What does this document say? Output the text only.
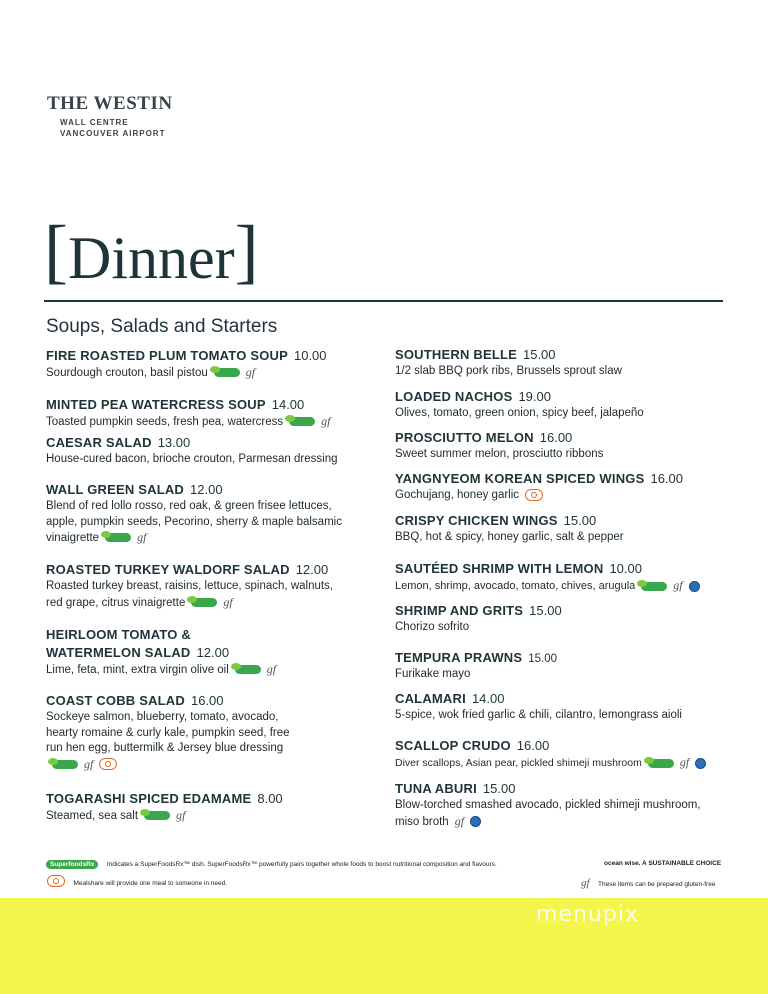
THE WESTIN
WALL CENTRE
VANCOUVER AIRPORT
[Dinner]
Soups, Salads and Starters
FIRE ROASTED PLUM TOMATO SOUP 10.00
Sourdough crouton, basil pistou	gf
MINTED PEA WATERCRESS SOUP 14.00
Toasted pumpkin seeds, fresh pea, watercress	gf
CAESAR SALAD 13.00
House-cured bacon, brioche crouton, Parmesan dressing
WALL GREEN SALAD 12.00
Blend of red lollo rosso, red oak, & green frisee lettuces, apple, pumpkin seeds, Pecorino, sherry & maple balsamic vinaigrette	gf
ROASTED TURKEY WALDORF SALAD 12.00
Roasted turkey breast, raisins, lettuce, spinach, walnuts, red grape, citrus vinaigrette	gf
HEIRLOOM TOMATO & WATERMELON SALAD 12.00
Lime, feta, mint, extra virgin olive oil	gf
COAST COBB SALAD 16.00
Sockeye salmon, blueberry, tomato, avocado, hearty romaine & curly kale, pumpkin seed, free run hen egg, buttermilk & Jersey blue dressinggf
TOGARASHI SPICED EDAMAME 8.00
Steamed, sea salt	gf
SOUTHERN BELLE 15.00
1/2 slab BBQ pork ribs, Brussels sprout slaw
LOADED NACHOS 19.00
Olives, tomato, green onion, spicy beef, jalapeño
PROSCIUTTO MELON 16.00
Sweet summer melon, prosciutto ribbons
YANGNYEOM KOREAN SPICED WINGS 16.00
Gochujang, honey garlic
CRISPY CHICKEN WINGS 15.00
BBQ, hot & spicy, honey garlic, salt & pepper
SAUTÉED SHRIMP WITH LEMON 10.00
Lemon, shrimp, avocado, tomato, chives, arugula	gf
SHRIMP AND GRITS 15.00
Chorizo sofrito
TEMPURA PRAWNS 15.00
Furikake mayo
CALAMARI 14.00
5-spice, wok fried garlic & chili, cilantro, lemongrass aioli
SCALLOP CRUDO 16.00
Diver scallops, Asian pear, pickled shimeji mushroom	gf
TUNA ABURI 15.00
Blow-torched smashed avocado, pickled shimeji mushroom, miso broth gf
SuperfoodsRx Indicates a SuperFoodsRx™ dish. SuperFoodsRx™ powerfully pairs together whole foods to boost nutritional composition and flavours.
Mealshare will provide one meal to someone in need.
ocean wise. A SUSTAINABLE CHOICE
gf These items can be prepared gluten-free
menupix
